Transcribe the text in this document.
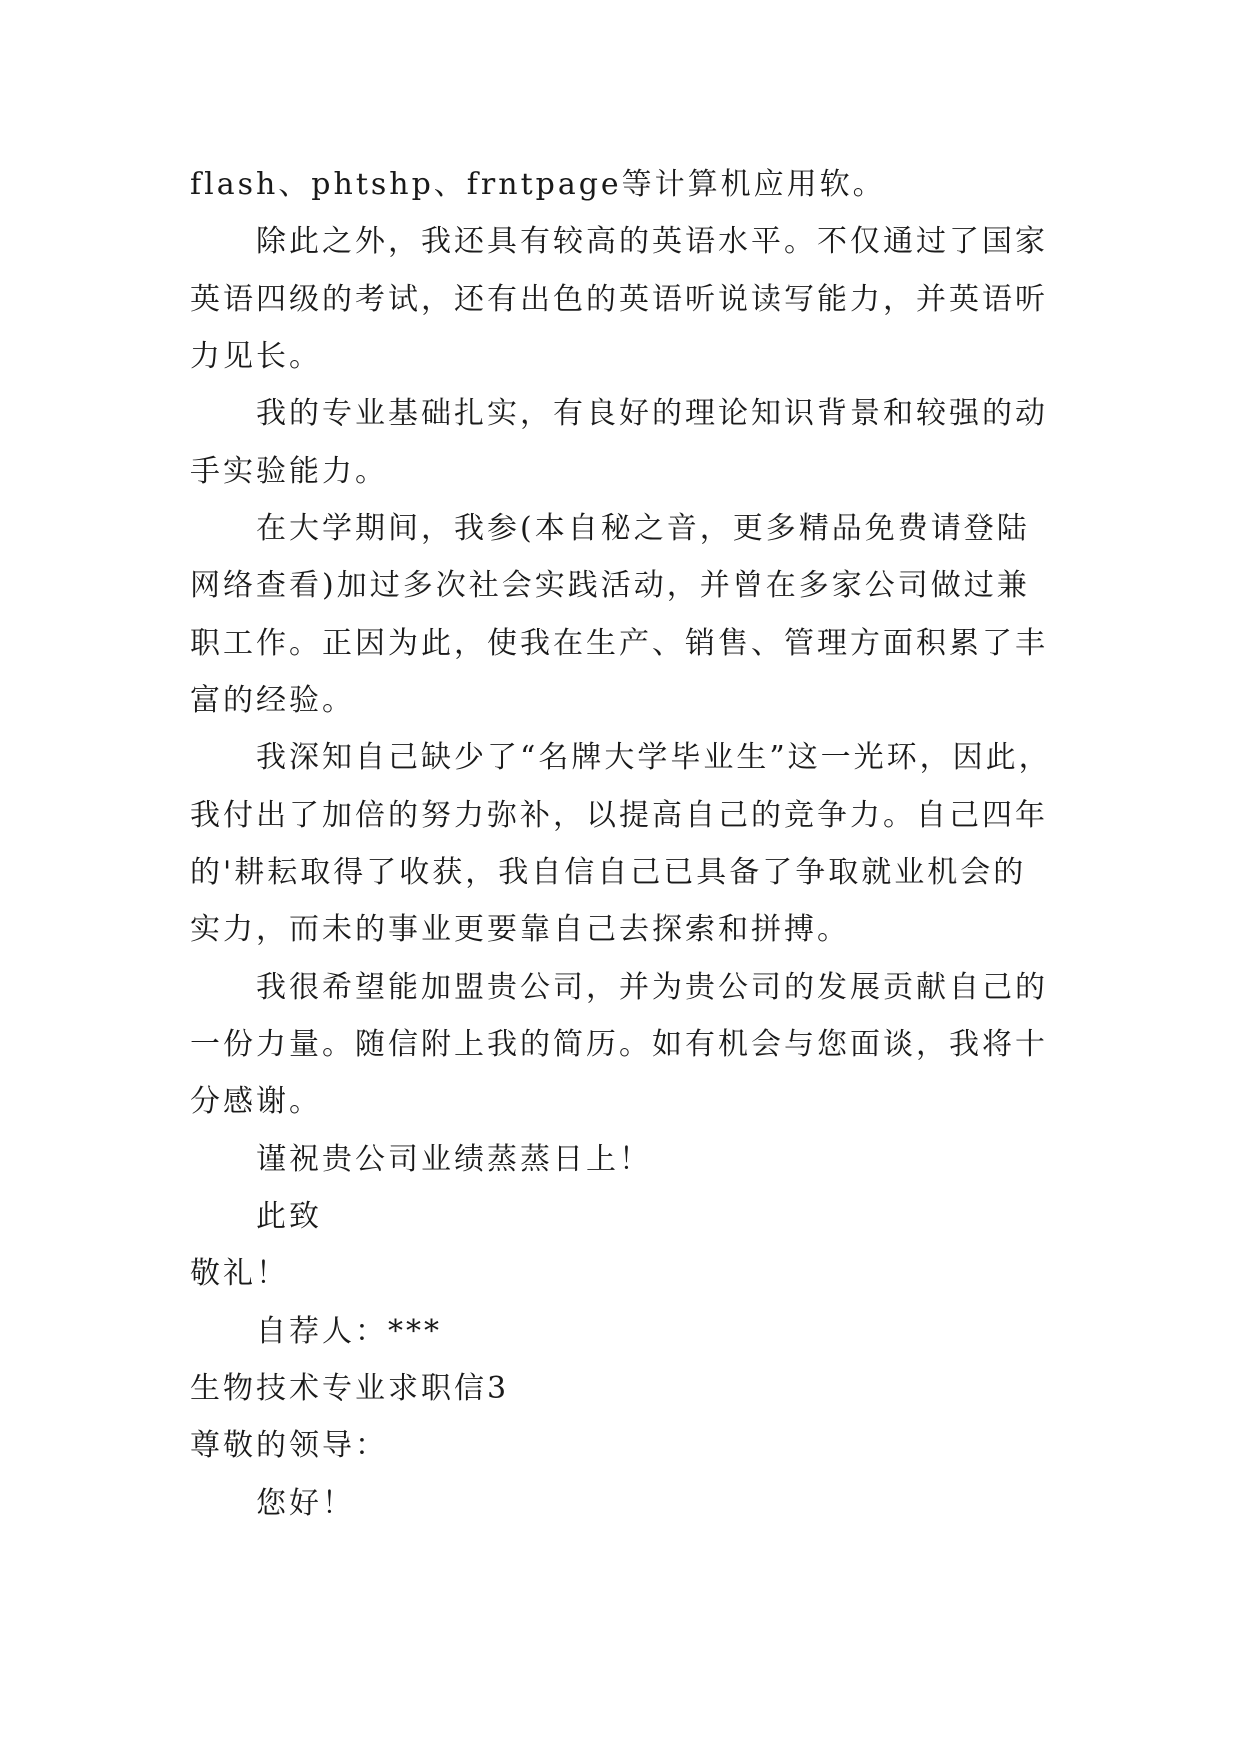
flash、phtshp、frntpage等计算机应用软。

除此之外，我还具有较高的英语水平。不仅通过了国家

英语四级的考试，还有出色的英语听说读写能力，并英语听

力见长。

我的专业基础扎实，有良好的理论知识背景和较强的动

手实验能力。

在大学期间，我参(本自秘之音，更多精品免费请登陆

网络查看)加过多次社会实践活动，并曾在多家公司做过兼

职工作。正因为此，使我在生产、销售、管理方面积累了丰

富的经验。

我深知自己缺少了“名牌大学毕业生”这一光环，因此，

我付出了加倍的努力弥补，以提高自己的竞争力。自己四年

的'耕耘取得了收获，我自信自己已具备了争取就业机会的

实力，而未的事业更要靠自己去探索和拼搏。

我很希望能加盟贵公司，并为贵公司的发展贡献自己的

一份力量。随信附上我的简历。如有机会与您面谈，我将十

分感谢。

谨祝贵公司业绩蒸蒸日上！

此致

敬礼！

自荐人：***

生物技术专业求职信3

尊敬的领导：

您好！
